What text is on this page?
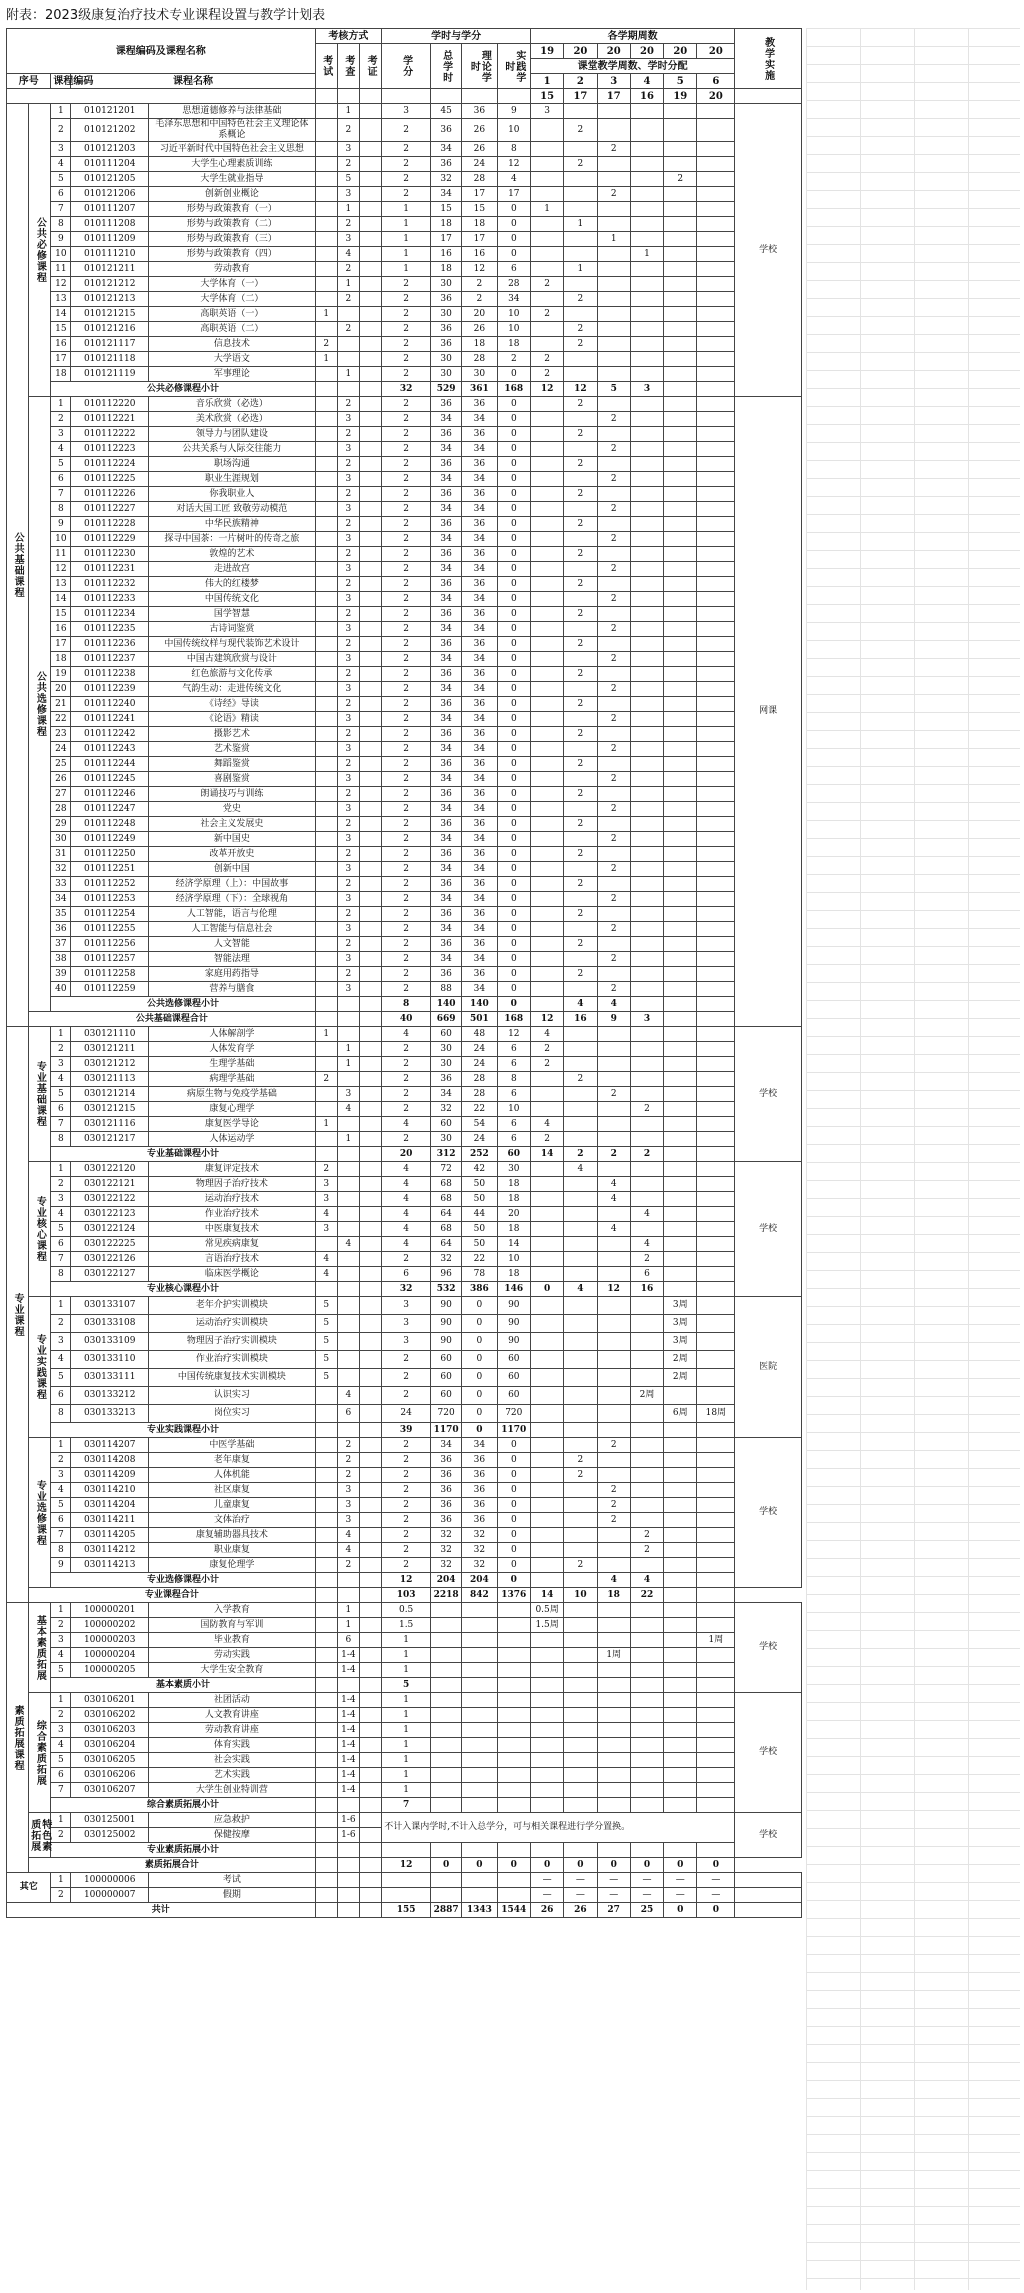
附表：2023级康复治疗技术专业课程设置与教学计划表
课程编码及课程名称					考核方式			学时与学分				各学期周数						教学实施
					考试	考查	考证	学分	总学时	理论学时	实践学时	19	20	20	20	20	20	
												课堂教学周数、学时分配						
序号		课程编码	课程名称									1	2	3	4	5	6	
												15	17	17	16	19	20	
公共基础课程	公共必修课程	1	010121201	思想道德修养与法律基础		1		3	45	36	9	3						学校
		2	010121202	毛泽东思想和中国特色社会主义理论体系概论		2		2	36	26	10		2					
		3	010121203	习近平新时代中国特色社会主义思想		3		2	34	26	8			2				
		4	010111204	大学生心理素质训练		2		2	36	24	12		2					
		5	010121205	大学生就业指导		5		2	32	28	4					2		
		6	010121206	创新创业概论		3		2	34	17	17			2				
		7	010111207	形势与政策教育（一）		1		1	15	15	0	1						
		8	010111208	形势与政策教育（二）		2		1	18	18	0		1					
		9	010111209	形势与政策教育（三）		3		1	17	17	0			1				
		10	010111210	形势与政策教育（四）		4		1	16	16	0				1			
		11	010121211	劳动教育		2		1	18	12	6		1					
		12	010121212	大学体育（一）		1		2	30	2	28	2						
		13	010121213	大学体育（二）		2		2	36	2	34		2					
		14	010121215	高职英语（一）	1			2	30	20	10	2						
		15	010121216	高职英语（二）		2		2	36	26	10		2					
		16	010121117	信息技术	2			2	36	18	18		2					
		17	010121118	大学语文	1			2	30	28	2	2						
		18	010121119	军事理论		1		2	30	30	0	2						
		公共必修课程小计						32	529	361	168	12	12	5	3			
	公共选修课程	1	010112220	音乐欣赏（必选）		2		2	36	36	0		2					网课
		2	010112221	美术欣赏（必选）		3		2	34	34	0			2				
		3	010112222	领导力与团队建设		2		2	36	36	0		2					
		4	010112223	公共关系与人际交往能力		3		2	34	34	0			2				
		5	010112224	职场沟通		2		2	36	36	0		2					
		6	010112225	职业生涯规划		3		2	34	34	0			2				
		7	010112226	你我职业人		2		2	36	36	0		2					
		8	010112227	对话大国工匠 致敬劳动模范		3		2	34	34	0			2				
		9	010112228	中华民族精神		2		2	36	36	0		2					
		10	010112229	探寻中国茶：一片树叶的传奇之旅		3		2	34	34	0			2				
		11	010112230	敦煌的艺术		2		2	36	36	0		2					
		12	010112231	走进故宫		3		2	34	34	0			2				
		13	010112232	伟大的红楼梦		2		2	36	36	0		2					
		14	010112233	中国传统文化		3		2	34	34	0			2				
		15	010112234	国学智慧		2		2	36	36	0		2					
		16	010112235	古诗词鉴赏		3		2	34	34	0			2				
		17	010112236	中国传统纹样与现代装饰艺术设计		2		2	36	36	0		2					
		18	010112237	中国古建筑欣赏与设计		3		2	34	34	0			2				
		19	010112238	红色旅游与文化传承		2		2	36	36	0		2					
		20	010112239	气韵生动：走进传统文化		3		2	34	34	0			2				
		21	010112240	《诗经》导读		2		2	36	36	0		2					
		22	010112241	《论语》精读		3		2	34	34	0			2				
		23	010112242	摄影艺术		2		2	36	36	0		2					
		24	010112243	艺术鉴赏		3		2	34	34	0			2				
		25	010112244	舞蹈鉴赏		2		2	36	36	0		2					
		26	010112245	喜剧鉴赏		3		2	34	34	0			2				
		27	010112246	朗诵技巧与训练		2		2	36	36	0		2					
		28	010112247	党史		3		2	34	34	0			2				
		29	010112248	社会主义发展史		2		2	36	36	0		2					
		30	010112249	新中国史		3		2	34	34	0			2				
		31	010112250	改革开放史		2		2	36	36	0		2					
		32	010112251	创新中国		3		2	34	34	0			2				
		33	010112252	经济学原理（上）：中国故事		2		2	36	36	0		2					
		34	010112253	经济学原理（下）：全球视角		3		2	34	34	0			2				
		35	010112254	人工智能，语言与伦理		2		2	36	36	0		2					
		36	010112255	人工智能与信息社会		3		2	34	34	0			2				
		37	010112256	人文智能		2		2	36	36	0		2					
		38	010112257	智能法理		3		2	34	34	0			2				
		39	010112258	家庭用药指导		2		2	36	36	0		2					
		40	010112259	营养与膳食		3		2	88	34	0			2				
		公共选修课程小计						8	140	140	0		4	4				
	公共基础课程合计							40	669	501	168	12	16	9	3			
专业课程	专业基础课程	1	030121110	人体解剖学	1			4	60	48	12	4						学校
		2	030121211	人体发育学		1		2	30	24	6	2						
		3	030121212	生理学基础		1		2	30	24	6	2						
		4	030121113	病理学基础	2			2	36	28	8		2					
		5	030121214	病原生物与免疫学基础		3		2	34	28	6			2				
		6	030121215	康复心理学		4		2	32	22	10				2			
		7	030121116	康复医学导论	1			4	60	54	6	4						
		8	030121217	人体运动学		1		2	30	24	6	2						
		专业基础课程小计						20	312	252	60	14	2	2	2			
	专业核心课程	1	030122120	康复评定技术	2			4	72	42	30		4					学校
		2	030122121	物理因子治疗技术	3			4	68	50	18			4				
		3	030122122	运动治疗技术	3			4	68	50	18			4				
		4	030122123	作业治疗技术	4			4	64	44	20				4			
		5	030122124	中医康复技术	3			4	68	50	18			4				
		6	030122225	常见疾病康复		4		4	64	50	14				4			
		7	030122126	言语治疗技术	4			2	32	22	10				2			
		8	030122127	临床医学概论	4			6	96	78	18				6			
		专业核心课程小计						32	532	386	146	0	4	12	16			
	专业实践课程	1	030133107	老年介护实训模块	5			3	90	0	90					3周		医院
		2	030133108	运动治疗实训模块	5			3	90	0	90					3周		
		3	030133109	物理因子治疗实训模块	5			3	90	0	90					3周		
		4	030133110	作业治疗实训模块	5			2	60	0	60					2周		
		5	030133111	中国传统康复技术实训模块	5			2	60	0	60					2周		
		6	030133212	认识实习		4		2	60	0	60				2周			
		8	030133213	岗位实习		6		24	720	0	720					6周	18周	
		专业实践课程小计						39	1170	0	1170							
	专业选修课程	1	030114207	中医学基础		2		2	34	34	0			2				学校
		2	030114208	老年康复		2		2	36	36	0		2					
		3	030114209	人体机能		2		2	36	36	0		2					
		4	030114210	社区康复		3		2	36	36	0			2				
		5	030114204	儿童康复		3		2	36	36	0			2				
		6	030114211	文体治疗		3		2	36	36	0			2				
		7	030114205	康复辅助器具技术		4		2	32	32	0				2			
		8	030114212	职业康复		4		2	32	32	0				2			
		9	030114213	康复伦理学		2		2	32	32	0		2					
		专业选修课程小计						12	204	204	0			4	4			
	专业课程合计							103	2218	842	1376	14	10	18	22			
素质拓展课程	基本素质拓展	1	100000201	入学教育		1		0.5				0.5周						学校
		2	100000202	国防教育与军训		1		1.5				1.5周						
		3	100000203	毕业教育		6		1									1周	
		4	100000204	劳动实践		1-4		1						1周				
		5	100000205	大学生安全教育		1-4		1										
		基本素质小计						5										
	综合素质拓展	1	030106201	社团活动		1-4		1										学校
		2	030106202	人文教育讲座		1-4		1										
		3	030106203	劳动教育讲座		1-4		1										
		4	030106204	体育实践		1-4		1										
		5	030106205	社会实践		1-4		1										
		6	030106206	艺术实践		1-4		1										
		7	030106207	大学生创业特训营		1-4		1										
		综合素质拓展小计						7										
	特色素质拓展	1	030125001	应急救护		1-6		不计入课内学时,不计入总学分，可与相关课程进行学分置换。										学校
		2	030125002	保健按摩		1-6												
		专业素质拓展小计																
	素质拓展合计							12	0	0	0	0	0	0	0	0	0	
其它		1	100000006	考试								—	—	—	—	—	—	
		2	100000007	假期								—	—	—	—	—	—	
共计								155	2887	1343	1544	26	26	27	25	0	0	
